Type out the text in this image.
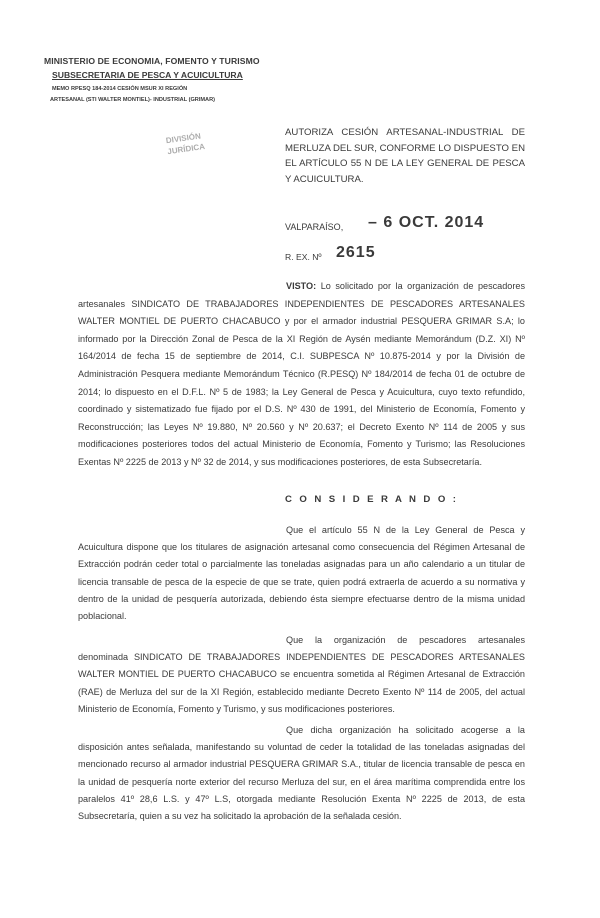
MINISTERIO DE ECONOMIA, FOMENTO Y TURISMO
SUBSECRETARIA DE PESCA Y ACUICULTURA
MEMO RPESQ 184-2014 CESIÓN MSUR XI REGIÓN
ARTESANAL (STI WALTER MONTIEL)- INDUSTRIAL (GRIMAR)
DIVISIÓN
JURÍDICA
AUTORIZA CESIÓN ARTESANAL-INDUSTRIAL DE MERLUZA DEL SUR, CONFORME LO DISPUESTO EN EL ARTÍCULO 55 N DE LA LEY GENERAL DE PESCA Y ACUICULTURA.
VALPARAÍSO, – 6 OCT. 2014
R. EX. Nº 2615
VISTO: Lo solicitado por la organización de pescadores artesanales SINDICATO DE TRABAJADORES INDEPENDIENTES DE PESCADORES ARTESANALES WALTER MONTIEL DE PUERTO CHACABUCO y por el armador industrial PESQUERA GRIMAR S.A; lo informado por la Dirección Zonal de Pesca de la XI Región de Aysén mediante Memorándum (D.Z. XI) Nº 164/2014 de fecha 15 de septiembre de 2014, C.I. SUBPESCA Nº 10.875-2014 y por la División de Administración Pesquera mediante Memorándum Técnico (R.PESQ) Nº 184/2014 de fecha 01 de octubre de 2014; lo dispuesto en el D.F.L. Nº 5 de 1983; la Ley General de Pesca y Acuicultura, cuyo texto refundido, coordinado y sistematizado fue fijado por el D.S. Nº 430 de 1991, del Ministerio de Economía, Fomento y Reconstrucción; las Leyes Nº 19.880, Nº 20.560 y Nº 20.637; el Decreto Exento Nº 114 de 2005 y sus modificaciones posteriores todos del actual Ministerio de Economía, Fomento y Turismo; las Resoluciones Exentas Nº 2225 de 2013 y Nº 32 de 2014, y sus modificaciones posteriores, de esta Subsecretaría.
C O N S I D E R A N D O :
Que el artículo 55 N de la Ley General de Pesca y Acuicultura dispone que los titulares de asignación artesanal como consecuencia del Régimen Artesanal de Extracción podrán ceder total o parcialmente las toneladas asignadas para un año calendario a un titular de licencia transable de pesca de la especie de que se trate, quien podrá extraerla de acuerdo a su normativa y dentro de la unidad de pesquería autorizada, debiendo ésta siempre efectuarse dentro de la misma unidad poblacional.
Que la organización de pescadores artesanales denominada SINDICATO DE TRABAJADORES INDEPENDIENTES DE PESCADORES ARTESANALES WALTER MONTIEL DE PUERTO CHACABUCO se encuentra sometida al Régimen Artesanal de Extracción (RAE) de Merluza del sur de la XI Región, establecido mediante Decreto Exento Nº 114 de 2005, del actual Ministerio de Economía, Fomento y Turismo, y sus modificaciones posteriores.
Que dicha organización ha solicitado acogerse a la disposición antes señalada, manifestando su voluntad de ceder la totalidad de las toneladas asignadas del mencionado recurso al armador industrial PESQUERA GRIMAR S.A., titular de licencia transable de pesca en la unidad de pesquería norte exterior del recurso Merluza del sur, en el área marítima comprendida entre los paralelos 41º 28,6 L.S. y 47º L.S, otorgada mediante Resolución Exenta Nº 2225 de 2013, de esta Subsecretaría, quien a su vez ha solicitado la aprobación de la señalada cesión.
